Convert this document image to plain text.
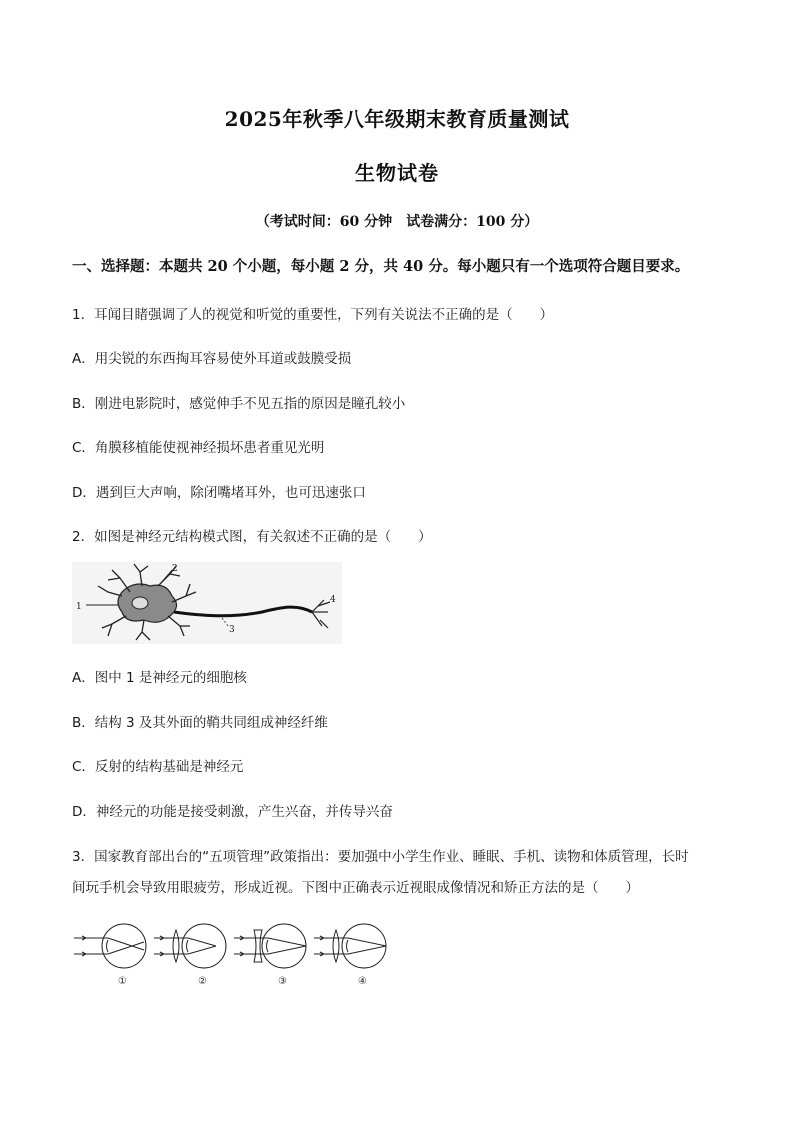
2025年秋季八年级期末教育质量测试
生物试卷
（考试时间：60 分钟　试卷满分：100 分）
一、选择题：本题共 20 个小题，每小题 2 分，共 40 分。每小题只有一个选项符合题目要求。
1．耳闻目睹强调了人的视觉和听觉的重要性，下列有关说法不正确的是（　　）
A．用尖锐的东西掏耳容易使外耳道或鼓膜受损
B．刚进电影院时，感觉伸手不见五指的原因是瞳孔较小
C．角膜移植能使视神经损坏患者重见光明
D．遇到巨大声响，除闭嘴堵耳外，也可迅速张口
2．如图是神经元结构模式图，有关叙述不正确的是（　　）
1
2
3
4
A．图中 1 是神经元的细胞核
B．结构 3 及其外面的鞘共同组成神经纤维
C．反射的结构基础是神经元
D．神经元的功能是接受刺激，产生兴奋，并传导兴奋
3．国家教育部出台的“五项管理”政策指出：要加强中小学生作业、睡眠、手机、读物和体质管理，长时
间玩手机会导致用眼疲劳，形成近视。下图中正确表示近视眼成像情况和矫正方法的是（　　）
①	②	③	④
